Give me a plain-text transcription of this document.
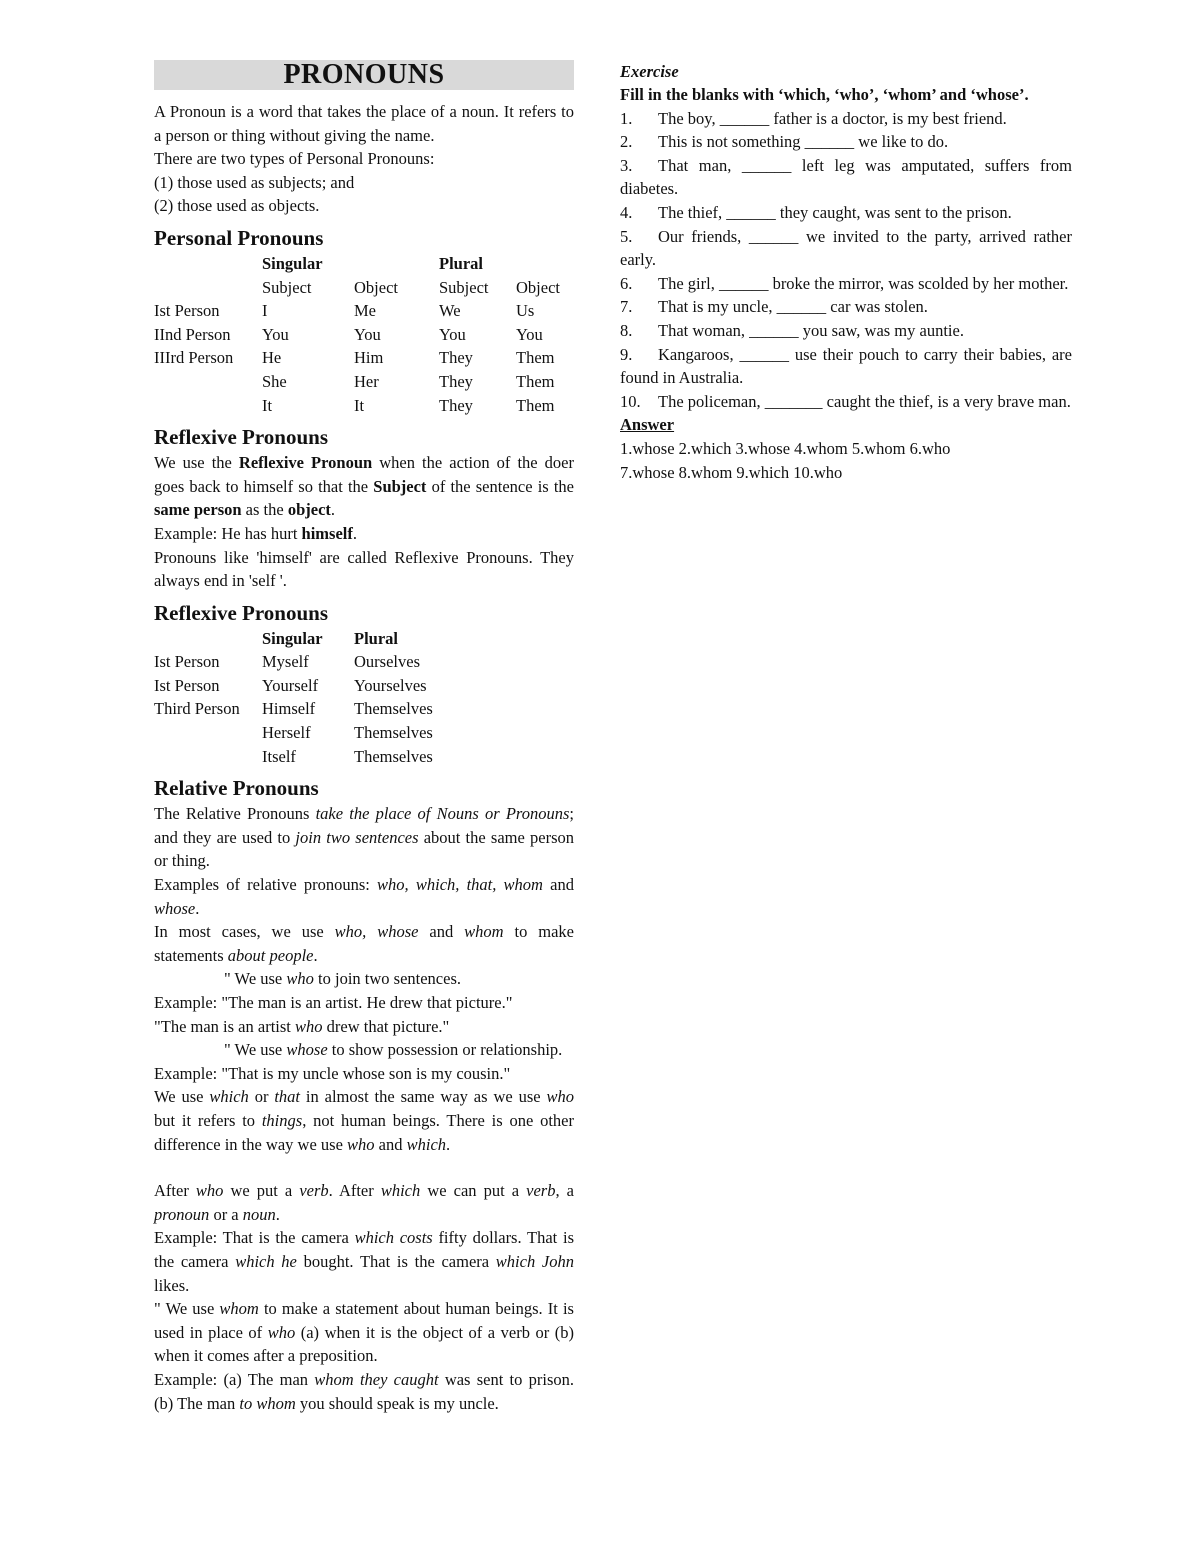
PRONOUNS

A Pronoun is a word that takes the place of a noun. It refers to a person or thing without giving the name.

There are two types of Personal Pronouns:

(1) those used as subjects; and

(2) those used as objects.

Personal Pronouns
	Singular		Plural	
	Subject	Object	Subject	Object
Ist Person	I	Me	We	Us
IInd Person	You	You	You	You
IIIrd Person	He	Him	They	Them
	She	Her	They	Them
	It	It	They	Them
Reflexive Pronouns

We use the Reflexive Pronoun when the action of the doer goes back to himself so that the Subject of the sentence is the same person as the object.

Example: He has hurt himself.

Pronouns like 'himself' are called Reflexive Pronouns. They always end in 'self '.

Reflexive Pronouns
	Singular	Plural
Ist Person	Myself	Ourselves
Ist Person	Yourself	Yourselves
Third Person	Himself	Themselves
	Herself	Themselves
	Itself	Themselves
Relative Pronouns

The Relative Pronouns take the place of Nouns or Pronouns; and they are used to join two sentences about the same person or thing.

Examples of relative pronouns: who, which, that, whom and whose.

In most cases, we use who, whose and whom to make statements about people.

" We use who to join two sentences.

Example: "The man is an artist. He drew that picture."

"The man is an artist who drew that picture."

" We use whose to show possession or relationship.

Example: "That is my uncle whose son is my cousin."

We use which or that in almost the same way as we use who but it refers to things, not human beings. There is one other difference in the way we use who and which.

After who we put a verb. After which we can put a verb, a pronoun or a noun.

Example: That is the camera which costs fifty dollars. That is the camera which he bought. That is the camera which John likes.

" We use whom to make a statement about human beings. It is used in place of who (a) when it is the object of a verb or (b) when it comes after a preposition.

Example: (a) The man whom they caught was sent to prison. (b) The man to whom you should speak is my uncle.

Exercise
Fill in the blanks with ‘which, ‘who’, ‘whom’ and ‘whose’.
1. The boy, ______ father is a doctor, is my best friend.
2. This is not something ______ we like to do.
3. That man, ______ left leg was amputated, suffers from diabetes.
4. The thief, ______ they caught, was sent to the prison.
5. Our friends, ______ we invited to the party, arrived rather early.
6. The girl, ______ broke the mirror, was scolded by her mother.
7. That is my uncle, ______ car was stolen.
8. That woman, ______ you saw, was my auntie.
9. Kangaroos, ______ use their pouch to carry their babies, are found in Australia.
10. The policeman, _______ caught the thief, is a very brave man.
Answer

1.whose 2.which 3.whose 4.whom 5.whom 6.who

7.whose 8.whom 9.which 10.who
